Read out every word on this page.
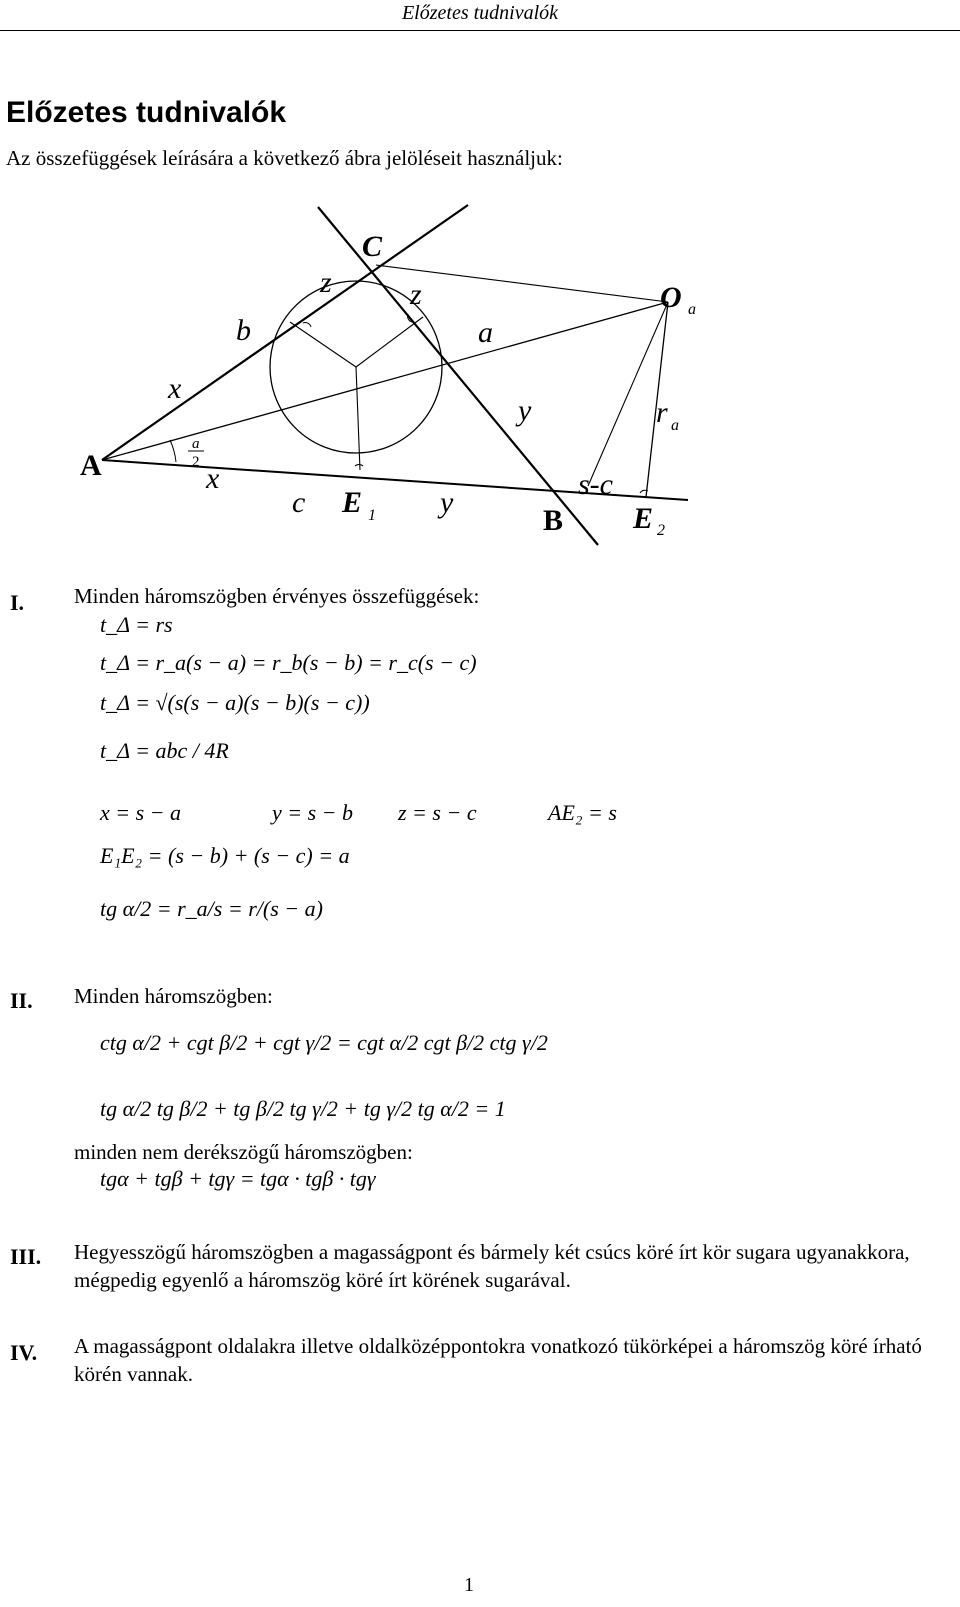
Előzetes tudnivalók
Előzetes tudnivalók
Az összefüggések leírására a következő ábra jelöléseit használjuk:
A
C
B
O a
E 1	E 2
b	a
c
x
x
y
y
z	z
r a
a
2
s-c
I. Minden háromszögben érvényes összefüggések:
t_Δ = rs
t_Δ = r_a(s − a) = r_b(s − b) = r_c(s − c)
t_Δ = √(s(s − a)(s − b)(s − c))
t_Δ = abc / 4R
x = s − a	y = s − b z = s − c	AE₂ = s
E₁E₂ = (s − b) + (s − c) = a
tg α/2 = r_a/s = r/(s − a)
II. Minden háromszögben:
ctg α/2 + cgt β/2 + cgt γ/2 = cgt α/2 cgt β/2 ctg γ/2
tg α/2 tg β/2 + tg β/2 tg γ/2 + tg γ/2 tg α/2 = 1
minden nem derékszögű háromszögben:
tgα + tgβ + tgγ = tgα · tgβ · tgγ
III. Hegyesszögű háromszögben a magasságpont és bármely két csúcs köré írt kör sugara ugyanakkora, mégpedig egyenlő a háromszög köré írt körének sugarával.
IV. A magasságpont oldalakra illetve oldalközéppontokra vonatkozó tükörképei a háromszög köré írható körén vannak.
1
